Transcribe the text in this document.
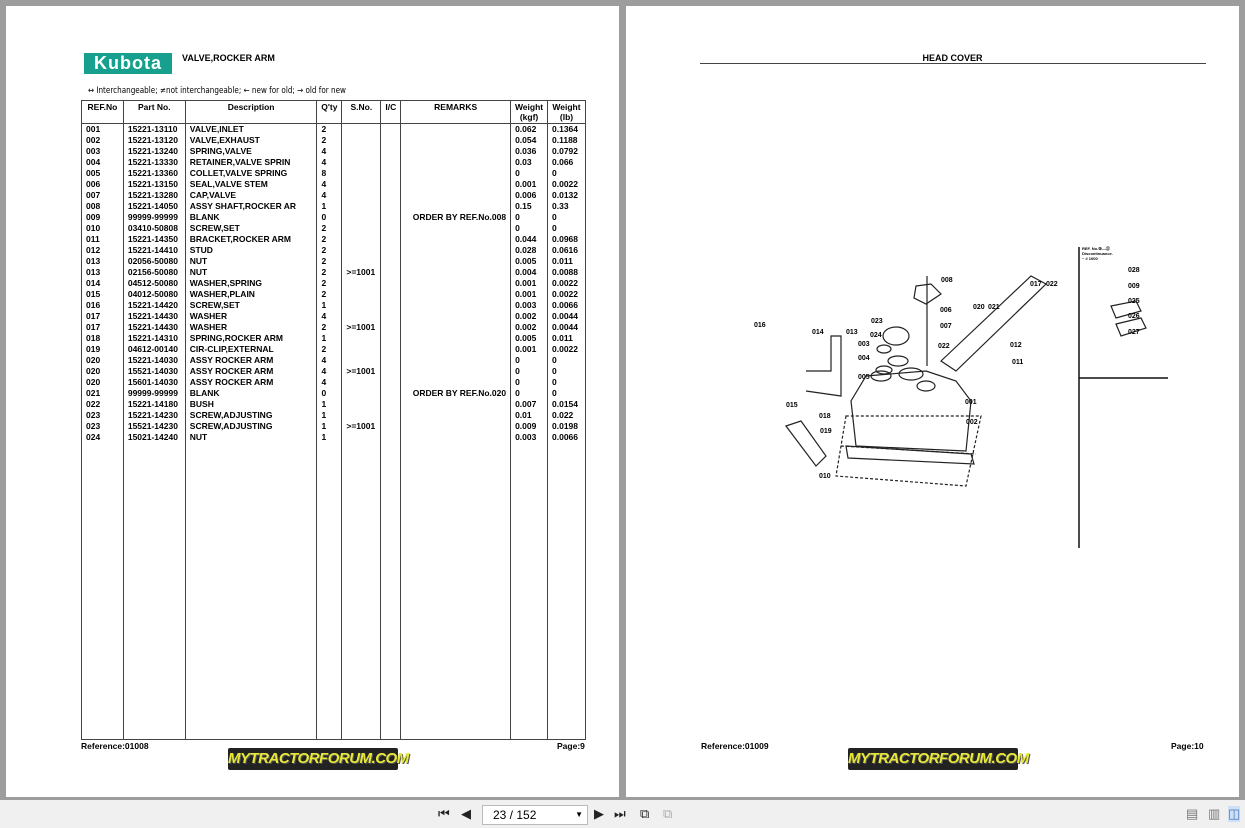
Kubota	VALVE,ROCKER ARM
↔ Interchangeable; ≠not interchangeable; ← new for old; → old for new
REF.No	Part No.	Description	Q'ty	S.No.	I/C	REMARKS	Weight (kgf)	Weight (lb)
001	15221-13110	VALVE,INLET	2				0.062	0.1364
002	15221-13120	VALVE,EXHAUST	2				0.054	0.1188
003	15221-13240	SPRING,VALVE	4				0.036	0.0792
004	15221-13330	RETAINER,VALVE SPRIN	4				0.03	0.066
005	15221-13360	COLLET,VALVE SPRING	8				0	0
006	15221-13150	SEAL,VALVE STEM	4				0.001	0.0022
007	15221-13280	CAP,VALVE	4				0.006	0.0132
008	15221-14050	ASSY SHAFT,ROCKER AR	1				0.15	0.33
009	99999-99999	BLANK	0			ORDER BY REF.No.008	0	0
010	03410-50808	SCREW,SET	2				0	0
011	15221-14350	BRACKET,ROCKER ARM	2				0.044	0.0968
012	15221-14410	STUD	2				0.028	0.0616
013	02056-50080	NUT	2				0.005	0.011
013	02156-50080	NUT	2	>=1001			0.004	0.0088
014	04512-50080	WASHER,SPRING	2				0.001	0.0022
015	04012-50080	WASHER,PLAIN	2				0.001	0.0022
016	15221-14420	SCREW,SET	1				0.003	0.0066
017	15221-14430	WASHER	4				0.002	0.0044
017	15221-14430	WASHER	2	>=1001			0.002	0.0044
018	15221-14310	SPRING,ROCKER ARM	1				0.005	0.011
019	04612-00140	CIR-CLIP,EXTERNAL	2				0.001	0.0022
020	15221-14030	ASSY ROCKER ARM	4				0	0
020	15521-14030	ASSY ROCKER ARM	4	>=1001			0	0
020	15601-14030	ASSY ROCKER ARM	4				0	0
021	99999-99999	BLANK	0			ORDER BY REF.No.020	0	0
022	15221-14180	BUSH	1				0.007	0.0154
023	15221-14230	SCREW,ADJUSTING	1				0.01	0.022
023	15521-14230	SCREW,ADJUSTING	1	>=1001			0.009	0.0198
024	15021-14240	NUT	1				0.003	0.0066

Reference:01008	Page:9
MYTRACTORFORUM.COM
HEAD COVER
REF. No.⑩—⑫
Discontinuance.
~ # 1000
008
006
007
023
024
003
004
005
014	013
016
020 021
017 022
022	012
011
015
018
019
001
002
010
028
009
025
026
027
Reference:01009	Page:10
MYTRACTORFORUM.COM
⏮ ◀	23 / 152	▼ ▶ ⏭ ⧉ ⧉	▤ ▥ ◫
